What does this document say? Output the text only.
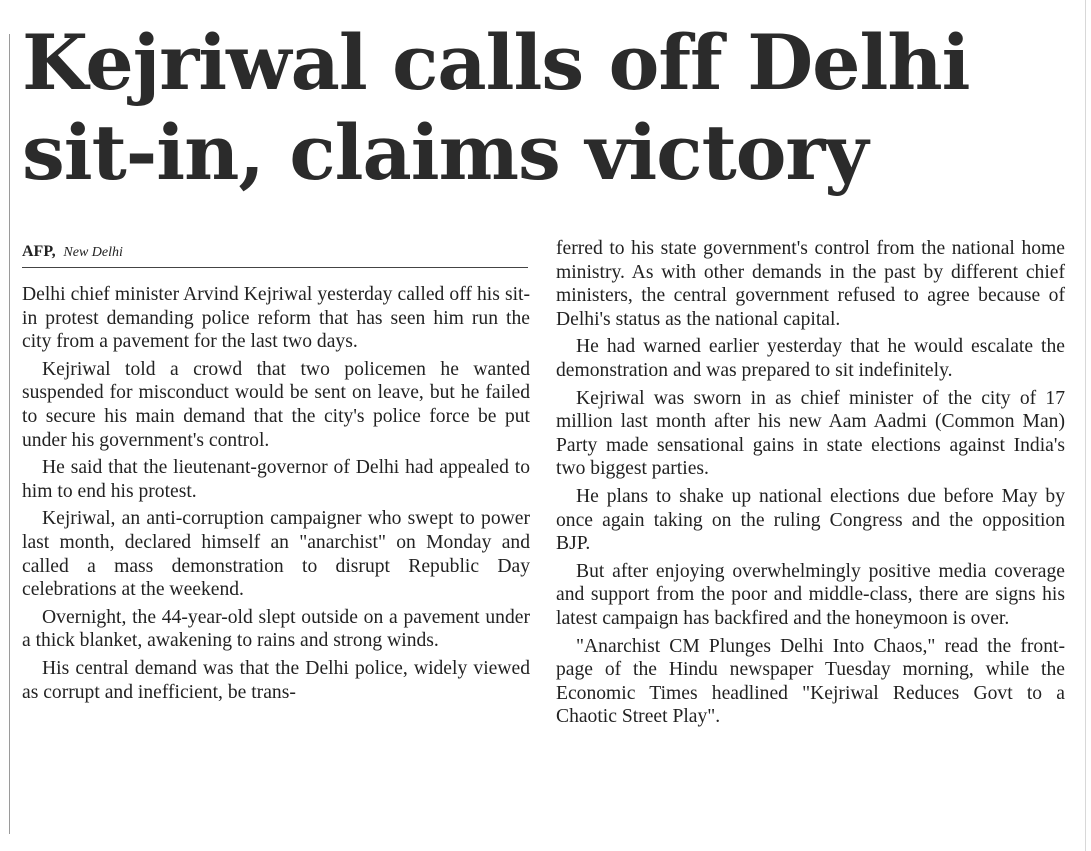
Kejriwal calls off Delhi sit-in, claims victory
AFP, New Delhi

Delhi chief minister Arvind Kejriwal yesterday called off his sit-in protest demanding police reform that has seen him run the city from a pavement for the last two days.

Kejriwal told a crowd that two policemen he wanted suspended for misconduct would be sent on leave, but he failed to secure his main demand that the city's police force be put under his government's control.

He said that the lieutenant-governor of Delhi had appealed to him to end his protest.

Kejriwal, an anti-corruption campaigner who swept to power last month, declared himself an "anarchist" on Monday and called a mass demonstration to disrupt Republic Day celebrations at the weekend.

Overnight, the 44-year-old slept outside on a pavement under a thick blanket, awakening to rains and strong winds.

His central demand was that the Delhi police, widely viewed as corrupt and inefficient, be trans-

ferred to his state government's control from the national home ministry. As with other demands in the past by different chief ministers, the central government refused to agree because of Delhi's status as the national capital.

He had warned earlier yesterday that he would escalate the demonstration and was prepared to sit indefinitely.

Kejriwal was sworn in as chief minister of the city of 17 million last month after his new Aam Aadmi (Common Man) Party made sensational gains in state elections against India's two biggest parties.

He plans to shake up national elections due before May by once again taking on the ruling Congress and the opposition BJP.

But after enjoying overwhelmingly positive media coverage and support from the poor and middle-class, there are signs his latest campaign has backfired and the honeymoon is over.

"Anarchist CM Plunges Delhi Into Chaos," read the front-page of the Hindu newspaper Tuesday morning, while the Economic Times headlined "Kejriwal Reduces Govt to a Chaotic Street Play".
